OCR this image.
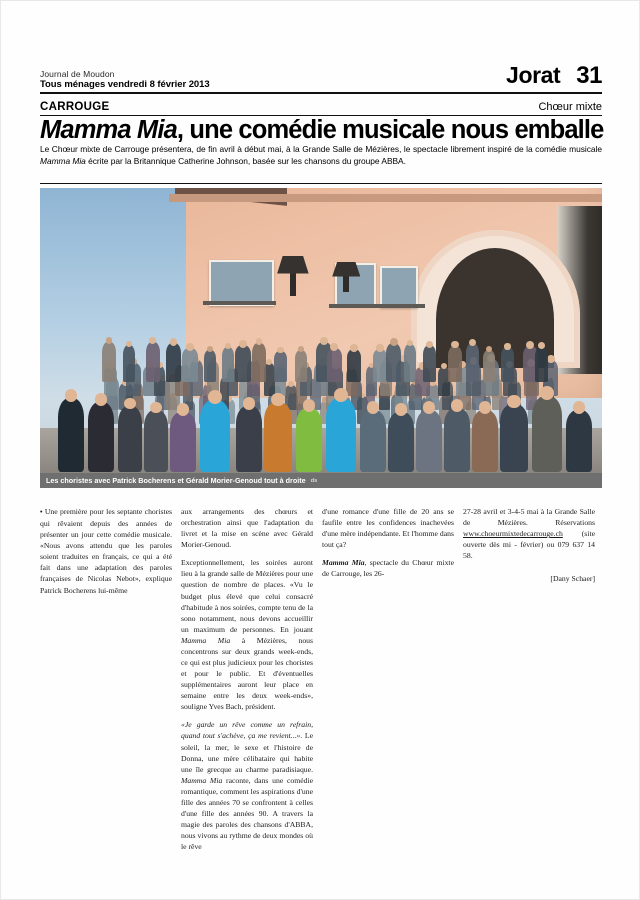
Journal de Moudon
Tous ménages vendredi 8 février 2013	Jorat 31
CARROUGE	Chœur mixte
Mamma Mia, une comédie musicale nous emballe
Le Chœur mixte de Carrouge présentera, de fin avril à début mai, à la Grande Salle de Mézières, le spectacle librement inspiré de la comédie musicale Mamma Mia écrite par la Britannique Catherine Johnson, basée sur les chansons du groupe ABBA.
Les choristes avec Patrick Bocherens et Gérald Morier-Genoud tout à droite ds

• Une première pour les septante choristes qui rêvaient depuis des années de présenter un jour cette comédie musicale. «Nous avons attendu que les paroles soient traduites en français, ce qui a été fait dans une adaptation des paroles françaises de Nicolas Nebot», explique Patrick Bocherens lui-même

aux arrangements des chœurs et orchestration ainsi que l'adaptation du livret et la mise en scène avec Gérald Morier-Genoud.

Exceptionnellement, les soirées auront lieu à la grande salle de Mézières pour une question de nombre de places. «Vu le budget plus élevé que celui consacré d'habitude à nos soirées, compte tenu de la sono notamment, nous devons accueillir un maximum de personnes. En jouant Mamma Mia à Mézières, nous concentrons sur deux grands week-ends, ce qui est plus judicieux pour les choristes et pour le public. Et d'éventuelles supplémentaires auront leur place en semaine entre les deux week-ends», souligne Yves Bach, président.

«Je garde un rêve comme un refrain, quand tout s'achève, ça me revient...». Le soleil, la mer, le sexe et l'histoire de Donna, une mère célibataire qui habite une île grecque au charme paradisiaque. Mamma Mia raconte, dans une comédie romantique, comment les aspirations d'une fille des années 70 se confrontent à celles d'une fille des années 90. A travers la magie des paroles des chansons d'ABBA, nous vivons au rythme de deux mondes où le rêve

d'une romance d'une fille de 20 ans se faufile entre les confidences inachevées d'une mère indépendante. Et l'homme dans tout ça?

Mamma Mia, spectacle du Chœur mixte de Carrouge, les 26-

27-28 avril et 3-4-5 mai à la Grande Salle de Mézières. Réservations www.choeurmixtedecarrouge.ch (site ouverte dès mi - février) ou 079 637 14 58.

[Dany Schaer]
